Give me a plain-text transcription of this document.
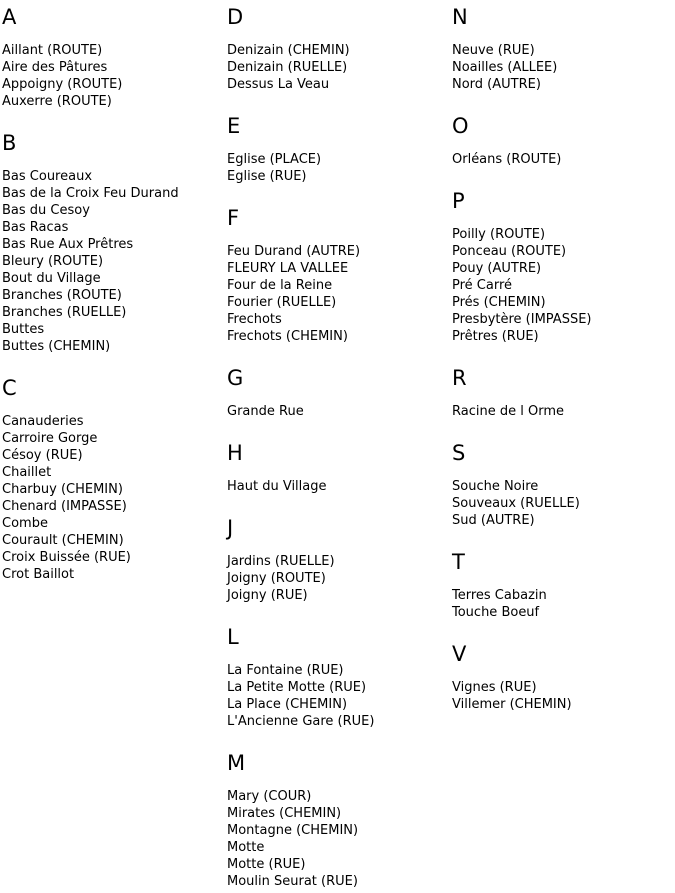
A
Aillant (ROUTE)
Aire des Pâtures
Appoigny (ROUTE)
Auxerre (ROUTE)
B
Bas Coureaux
Bas de la Croix Feu Durand
Bas du Cesoy
Bas Racas
Bas Rue Aux Prêtres
Bleury (ROUTE)
Bout du Village
Branches (ROUTE)
Branches (RUELLE)
Buttes
Buttes (CHEMIN)
C
Canauderies
Carroire Gorge
Césoy (RUE)
Chaillet
Charbuy (CHEMIN)
Chenard (IMPASSE)
Combe
Courault (CHEMIN)
Croix Buissée (RUE)
Crot Baillot
D
Denizain (CHEMIN)
Denizain (RUELLE)
Dessus La Veau
E
Eglise (PLACE)
Eglise (RUE)
F
Feu Durand (AUTRE)
FLEURY LA VALLEE
Four de la Reine
Fourier (RUELLE)
Frechots
Frechots (CHEMIN)
G
Grande Rue
H
Haut du Village
J
Jardins (RUELLE)
Joigny (ROUTE)
Joigny (RUE)
L
La Fontaine (RUE)
La Petite Motte (RUE)
La Place (CHEMIN)
L'Ancienne Gare (RUE)
M
Mary (COUR)
Mirates (CHEMIN)
Montagne (CHEMIN)
Motte
Motte (RUE)
Moulin Seurat (RUE)
N
Neuve (RUE)
Noailles (ALLEE)
Nord (AUTRE)
O
Orléans (ROUTE)
P
Poilly (ROUTE)
Ponceau (ROUTE)
Pouy (AUTRE)
Pré Carré
Prés (CHEMIN)
Presbytère (IMPASSE)
Prêtres (RUE)
R
Racine de l Orme
S
Souche Noire
Souveaux (RUELLE)
Sud (AUTRE)
T
Terres Cabazin
Touche Boeuf
V
Vignes (RUE)
Villemer (CHEMIN)
